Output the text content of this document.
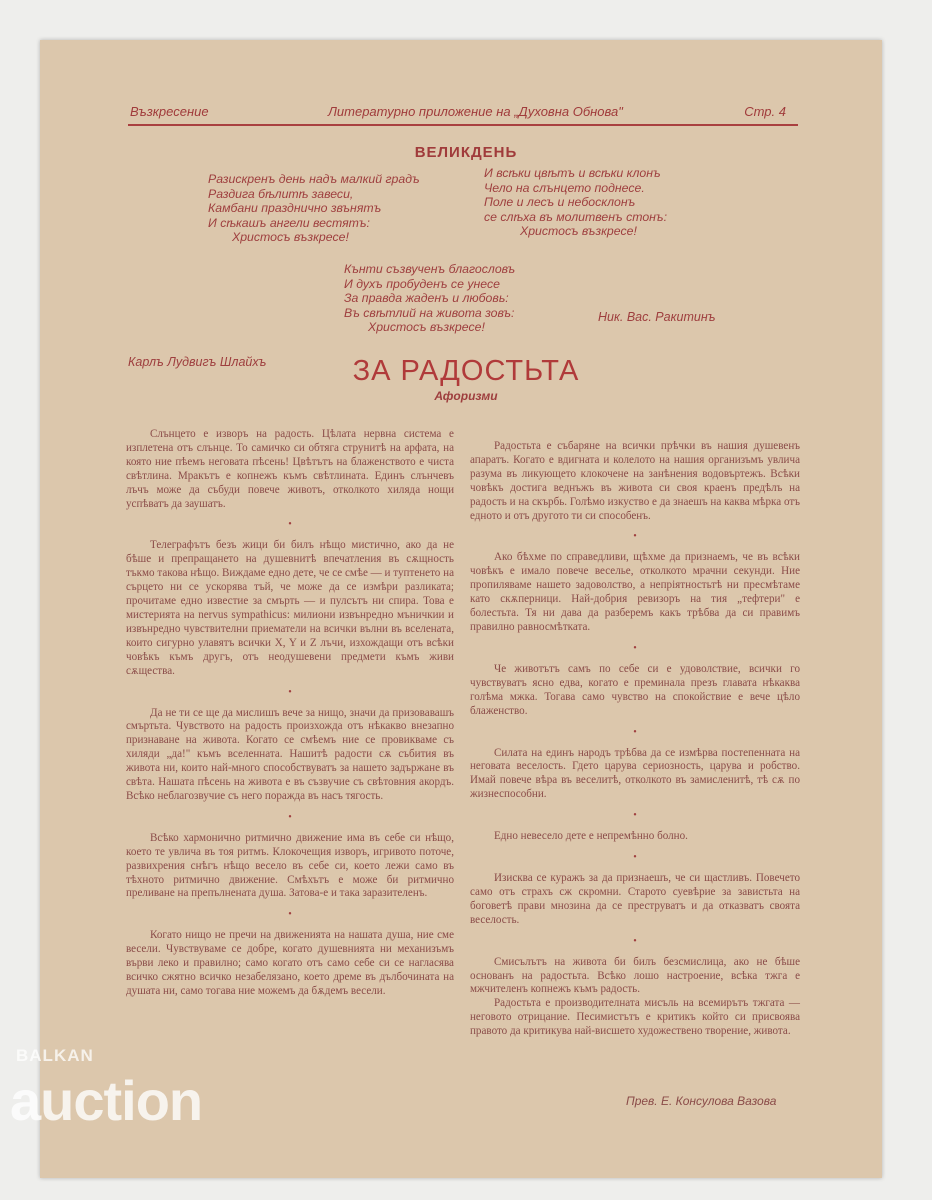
Възкресение	Литературно приложение на „Духовна Обнова"	Стр. 4
ВЕЛИКДЕНЬ
Разискренъ день надъ малкий градъ
Раздига бѣлитѣ завеси,
Камбани празднично звънятъ
И сѣкашъ ангели вестятъ:
Христосъ възкресе!
И всѣки цвѣтъ и всѣки клонъ
Чело на слънцето поднесе.
Поле и лесъ и небосклонъ
се слѣха въ молитвенъ стонъ:
Христосъ възкресе!
Кънти съзвученъ благословъ
И духъ пробуденъ се унесе
За правда жаденъ и любовь:
Въ свѣтлий на живота зовъ:
Христосъ възкресе!
Ник. Вас. Ракитинъ
Карлъ Лудвигъ Шлайхъ	ЗА РАДОСТЬТА
Афоризми

Слънцето е изворъ на радость. Цѣлата нервна система е изплетена отъ слънце. То самичко си обтяга струнитѣ на арфата, на която ние пѣемъ неговата пѣсень! Цвѣтътъ на блаженството е чиста свѣтлина. Мракътъ е копнежъ къмъ свѣтлината. Единъ слънчевъ лъчъ може да събуди повече животъ, отколкото хиляда нощи успѣватъ да заушатъ.

•

Телеграфътъ безъ жици би билъ нѣщо мистично, ако да не бѣше и препращането на душевнитѣ впечатления въ сѫщность тъкмо такова нѣщо. Виждаме едно дете, че се смѣе — и туптенето на сърцето ни се ускорява тъй, че може да се измѣри разликата; прочитаме едно известие за смърть — и пулсътъ ни спира. Това е мистерията на nervus sympathicus: милиони извънредно мъничкии и извънредно чувствителни приематели на всички вълни въ вселената, които сигурно улавятъ всички X, Y и Z лъчи, изхождащи отъ всѣки човѣкъ къмъ другъ, отъ неодушевени предмети къмъ живи сѫщества.

•

Да не ти се ще да мислишъ вече за нищо, значи да призовавашъ смъртьта. Чувството на радость произхожда отъ нѣкакво внезапно признаване на живота. Когато се смѣемъ ние се провикваме съ хиляди „да!" къмъ вселенната. Нашитѣ радости сѫ събития въ живота ни, които най-много способствуватъ за нашето задържане въ свѣта. Нашата пѣсень на живота е въ съзвучие съ свѣтовния акордъ. Всѣко неблагозвучие съ него поражда въ насъ тягость.

•

Всѣко хармонично ритмично движение има въ себе си нѣщо, което те увлича въ тоя ритмъ. Клокочещия изворъ, игривото поточе, развихрения снѣгъ нѣщо весело въ себе си, което лежи само въ тѣхното ритмично движение. Смѣхътъ е може би ритмично преливане на препълнената душа. Затова-е и така заразителенъ.

•

Когато нищо не пречи на движенията на нашата душа, ние сме весели. Чувствуваме се добре, когато душевнията ни механизъмъ върви леко и правилно; само когато отъ само себе си се нагласява всичко сжятно всичко незабелязано, което дреме въ дълбочината на душата ни, само тогава ние можемъ да бѫдемъ весели.

Радостьта е събаряне на всички прѣчки въ нашия душевенъ апаратъ. Когато е вдигната и колелото на нашия организъмъ увлича разума въ ликующето клокочене на занѣнения водовъртежъ. Всѣки човѣкъ достига веднъжъ въ живота си своя краенъ предѣлъ на радость и на скърбь. Голѣмо изкуство е да знаешъ на каква мѣрка отъ едното и отъ другото ти си способенъ.

•

Ако бѣхме по справедливи, щѣхме да признаемъ, че въ всѣки човѣкъ е имало повече веселье, отколкото мрачни секунди. Ние пропиляваме нашето задоволство, а непріятностьтѣ ни пресмѣтаме като скѫперници. Най-добрия ревизоръ на тия „тефтери" е болестьта. Тя ни дава да разберемъ какъ трѣбва да си правимъ правилно равносмѣтката.

•

Че животътъ самъ по себе си е удоволствие, всички го чувствуватъ ясно едва, когато е преминала презъ главата нѣкаква голѣма мжка. Тогава само чувство на спокойствие е вече цѣло блаженство.

•

Силата на единъ народъ трѣбва да се измѣрва постепенната на неговата веселость. Гдето царува сериозность, царува и робство. Имай повече вѣра въ веселитѣ, отколкото въ замисленитѣ, тѣ сѫ по жизнеспособни.

•

Едно невесело дете е непремѣнно болно.

•

Изисква се куражъ за да признаешъ, че си щастливъ. Повечето само отъ страхъ сж скромни. Старото суевѣрие за завистьта на боговетѣ прави мнозина да се преструватъ и да отказватъ своята веселость.

•

Смисълътъ на живота би билъ безсмислица, ако не бѣше основанъ на радостьта. Всѣко лошо настроение, всѣка тжга е мжчителенъ копнежъ къмъ радость.

Радостьта е производителната мисъль на всемирътъ тжгата — неговото отрицание. Песимистътъ е критикъ който си присвоява правото да критикува най-висшето художествено творение, живота.

Прев. Е. Консулова Вазова
BALKAN
auction
